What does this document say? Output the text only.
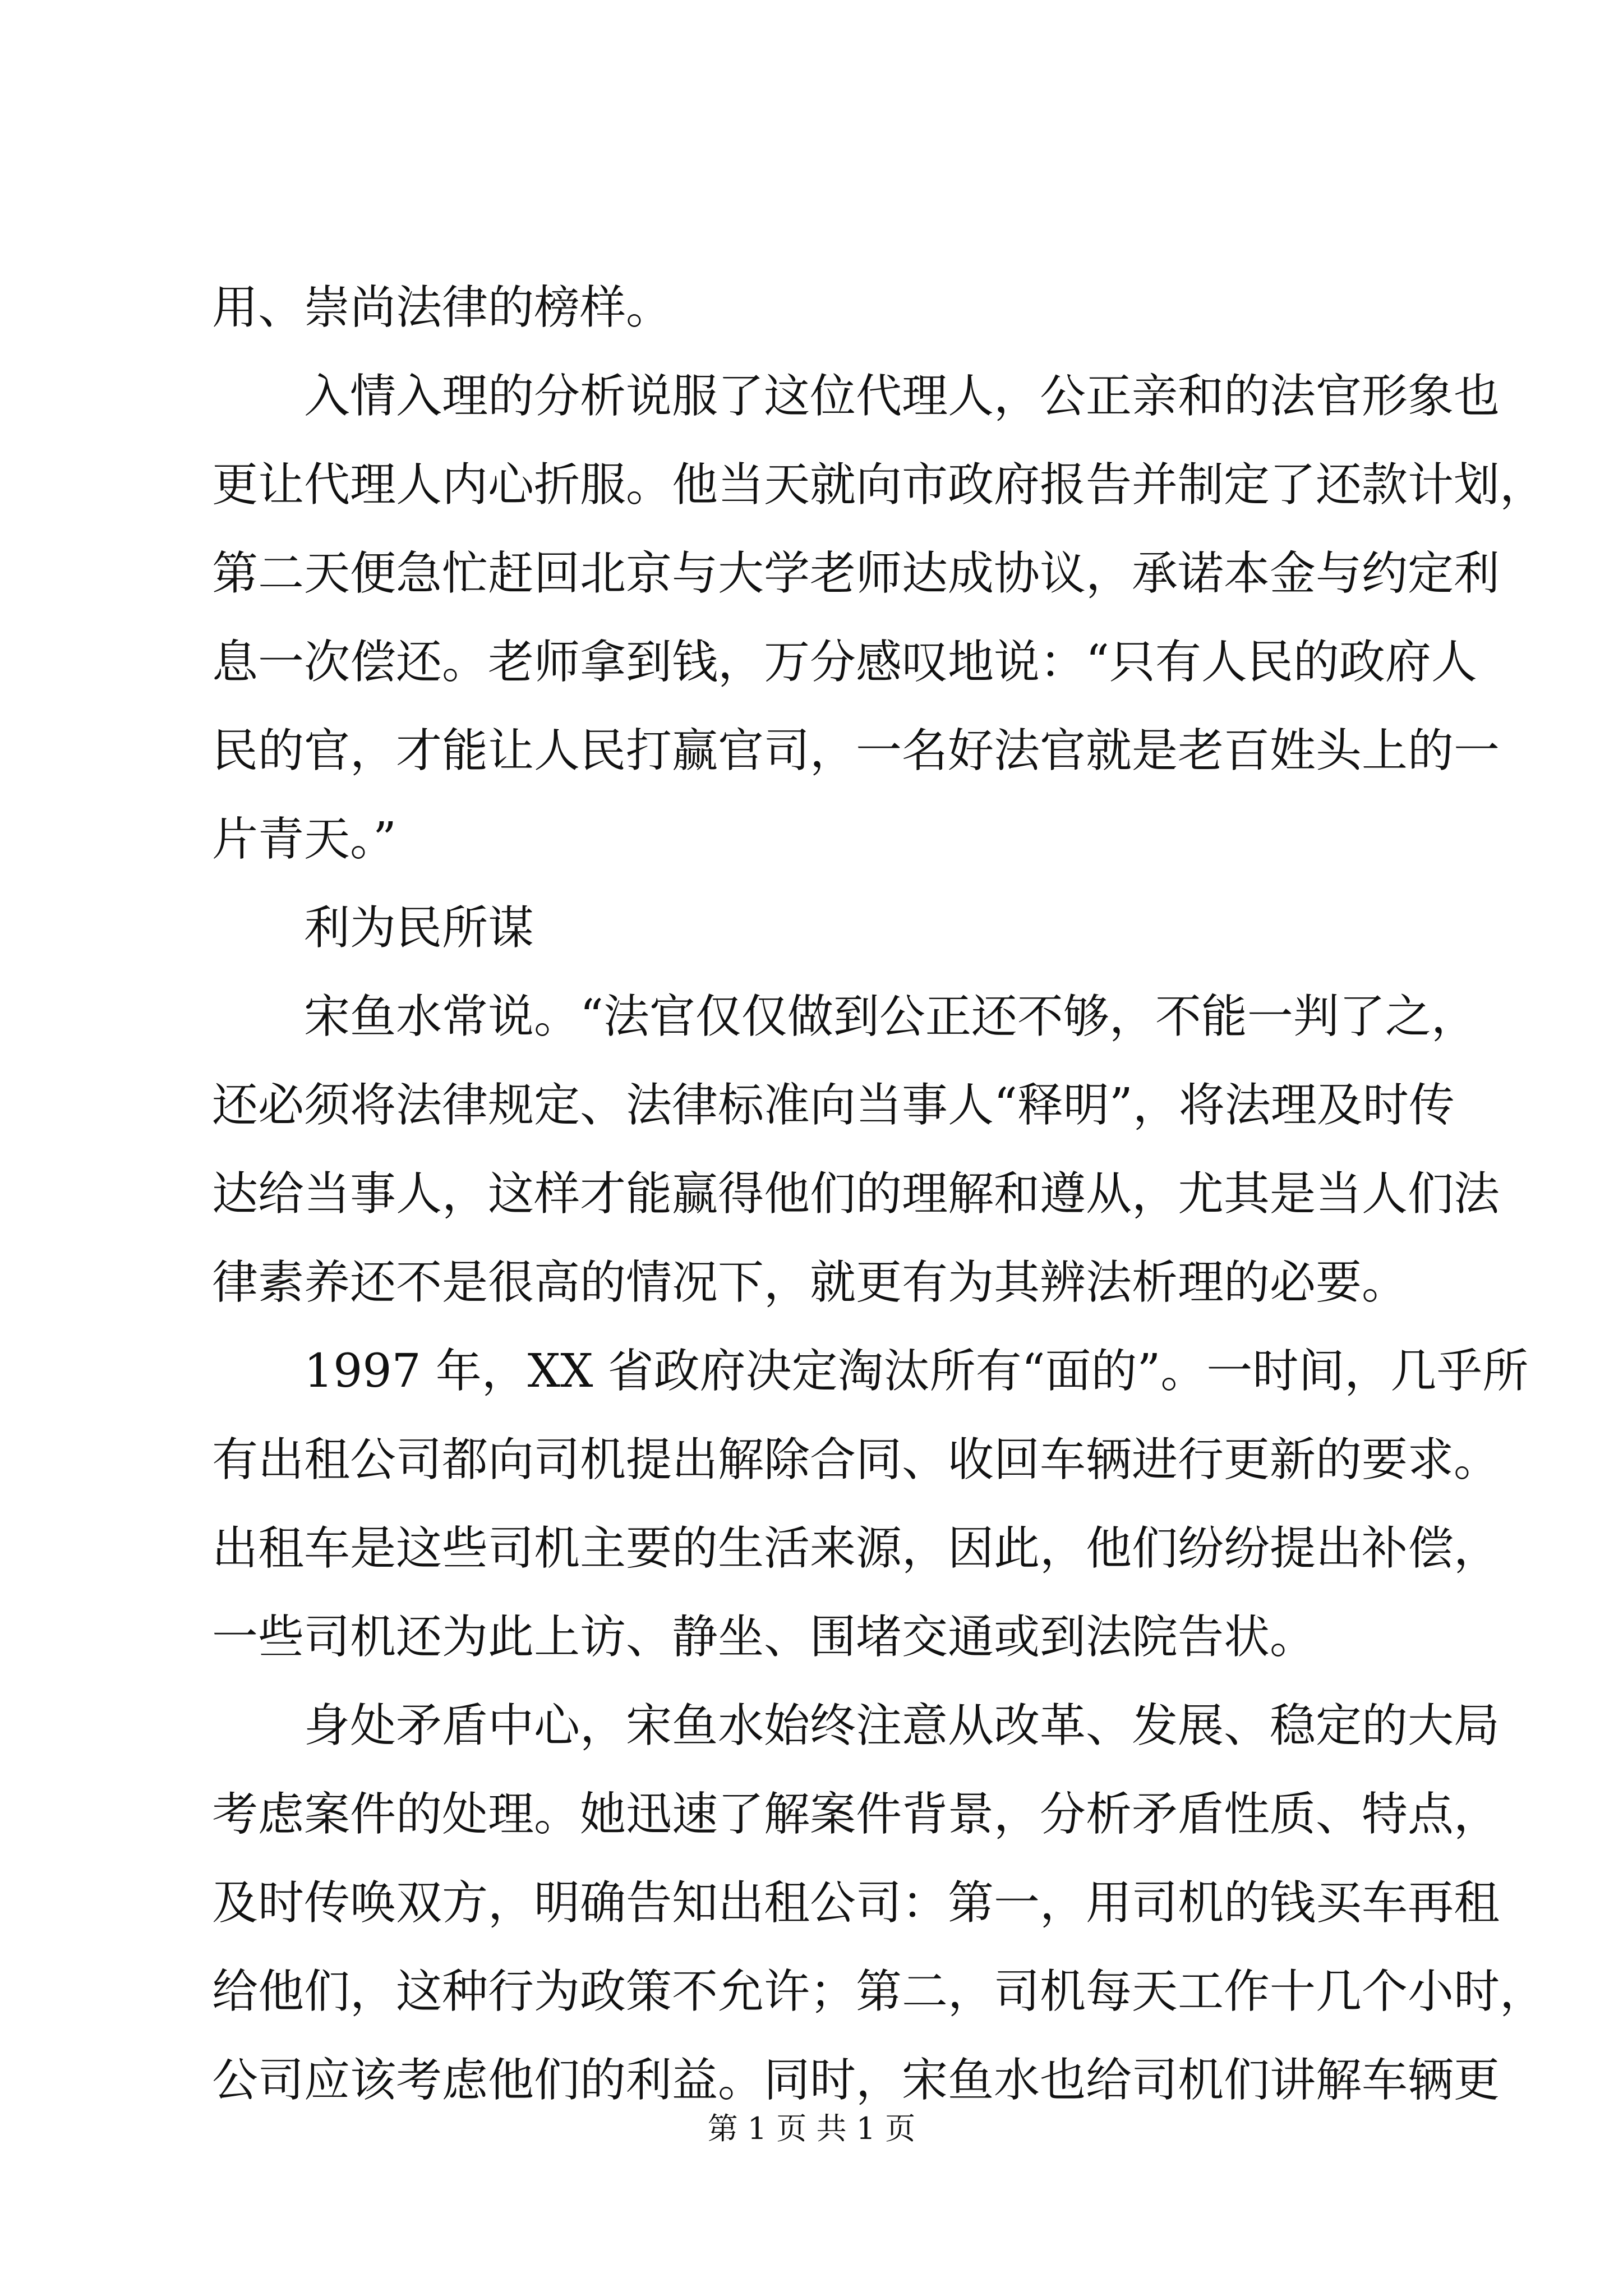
用、崇尚法律的榜样。
入情入理的分析说服了这位代理人，公正亲和的法官形象也
更让代理人内心折服。他当天就向市政府报告并制定了还款计划，
第二天便急忙赶回北京与大学老师达成协议，承诺本金与约定利
息一次偿还。老师拿到钱，万分感叹地说：“只有人民的政府人
民的官，才能让人民打赢官司，一名好法官就是老百姓头上的一
片青天。”
利为民所谋
宋鱼水常说。“法官仅仅做到公正还不够，不能一判了之，
还必须将法律规定、法律标准向当事人“释明”，将法理及时传
达给当事人，这样才能赢得他们的理解和遵从，尤其是当人们法
律素养还不是很高的情况下，就更有为其辨法析理的必要。
1997 年，XX 省政府决定淘汰所有“面的”。一时间，几乎所
有出租公司都向司机提出解除合同、收回车辆进行更新的要求。
出租车是这些司机主要的生活来源，因此，他们纷纷提出补偿，
一些司机还为此上访、静坐、围堵交通或到法院告状。
身处矛盾中心，宋鱼水始终注意从改革、发展、稳定的大局
考虑案件的处理。她迅速了解案件背景，分析矛盾性质、特点，
及时传唤双方，明确告知出租公司：第一，用司机的钱买车再租
给他们，这种行为政策不允许；第二，司机每天工作十几个小时，
公司应该考虑他们的利益。同时，宋鱼水也给司机们讲解车辆更
第 1 页 共 1 页
